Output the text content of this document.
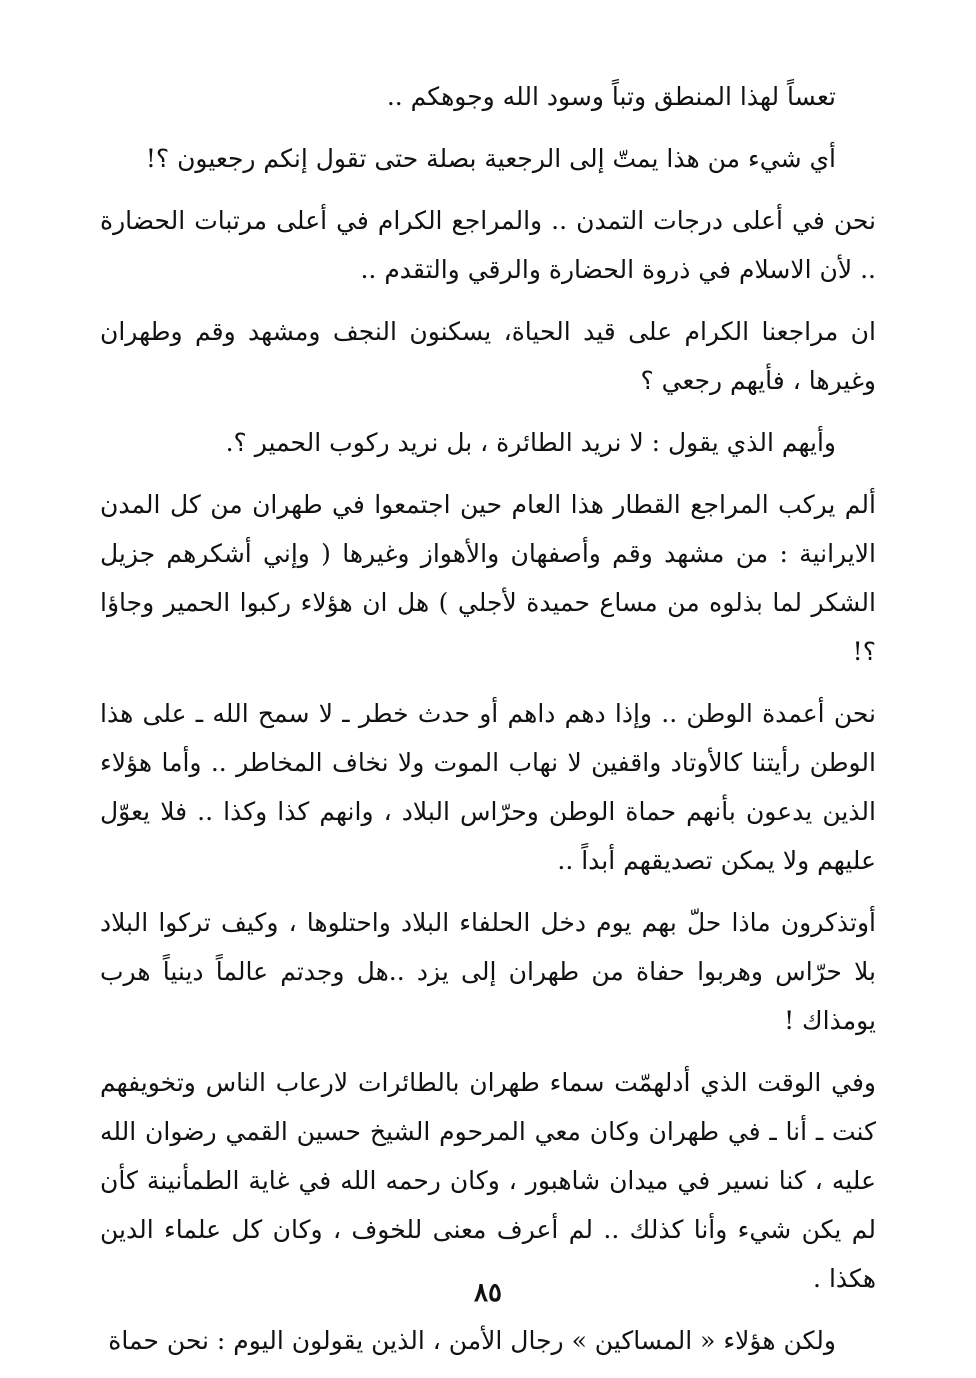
تعساً لهذا المنطق وتباً وسود الله وجوهكم ..

أي شيء من هذا يمتّ إلى الرجعية بصلة حتى تقول إنكم رجعيون ؟!

نحن في أعلى درجات التمدن .. والمراجع الكرام في أعلى مرتبات الحضارة .. لأن الاسلام في ذروة الحضارة والرقي والتقدم ..

ان مراجعنا الكرام على قيد الحياة، يسكنون النجف ومشهد وقم وطهران وغيرها ، فأيهم رجعي ؟

وأيهم الذي يقول : لا نريد الطائرة ، بل نريد ركوب الحمير ؟.

ألم يركب المراجع القطار هذا العام حين اجتمعوا في طهران من كل المدن الايرانية : من مشهد وقم وأصفهان والأهواز وغيرها ( وإني أشكرهم جزيل الشكر لما بذلوه من مساع حميدة لأجلي ) هل ان هؤلاء ركبوا الحمير وجاؤا ؟!

نحن أعمدة الوطن .. وإذا دهم داهم أو حدث خطر ـ لا سمح الله ـ على هذا الوطن رأيتنا كالأوتاد واقفين لا نهاب الموت ولا نخاف المخاطر .. وأما هؤلاء الذين يدعون بأنهم حماة الوطن وحرّاس البلاد ، وانهم كذا وكذا .. فلا يعوّل عليهم ولا يمكن تصديقهم أبداً ..

أوتذكرون ماذا حلّ بهم يوم دخل الحلفاء البلاد واحتلوها ، وكيف تركوا البلاد بلا حرّاس وهربوا حفاة من طهران إلى يزد ..هل وجدتم عالماً دينياً هرب يومذاك !

وفي الوقت الذي أدلهمّت سماء طهران بالطائرات لارعاب الناس وتخويفهم كنت ـ أنا ـ في طهران وكان معي المرحوم الشيخ حسين القمي رضوان الله عليه ، كنا نسير في ميدان شاهبور ، وكان رحمه الله في غاية الطمأنينة كأن لم يكن شيء وأنا كذلك .. لم أعرف معنى للخوف ، وكان كل علماء الدين هكذا .

ولكن هؤلاء « المساكين » رجال الأمن ، الذين يقولون اليوم : نحن حماة

٨٥
